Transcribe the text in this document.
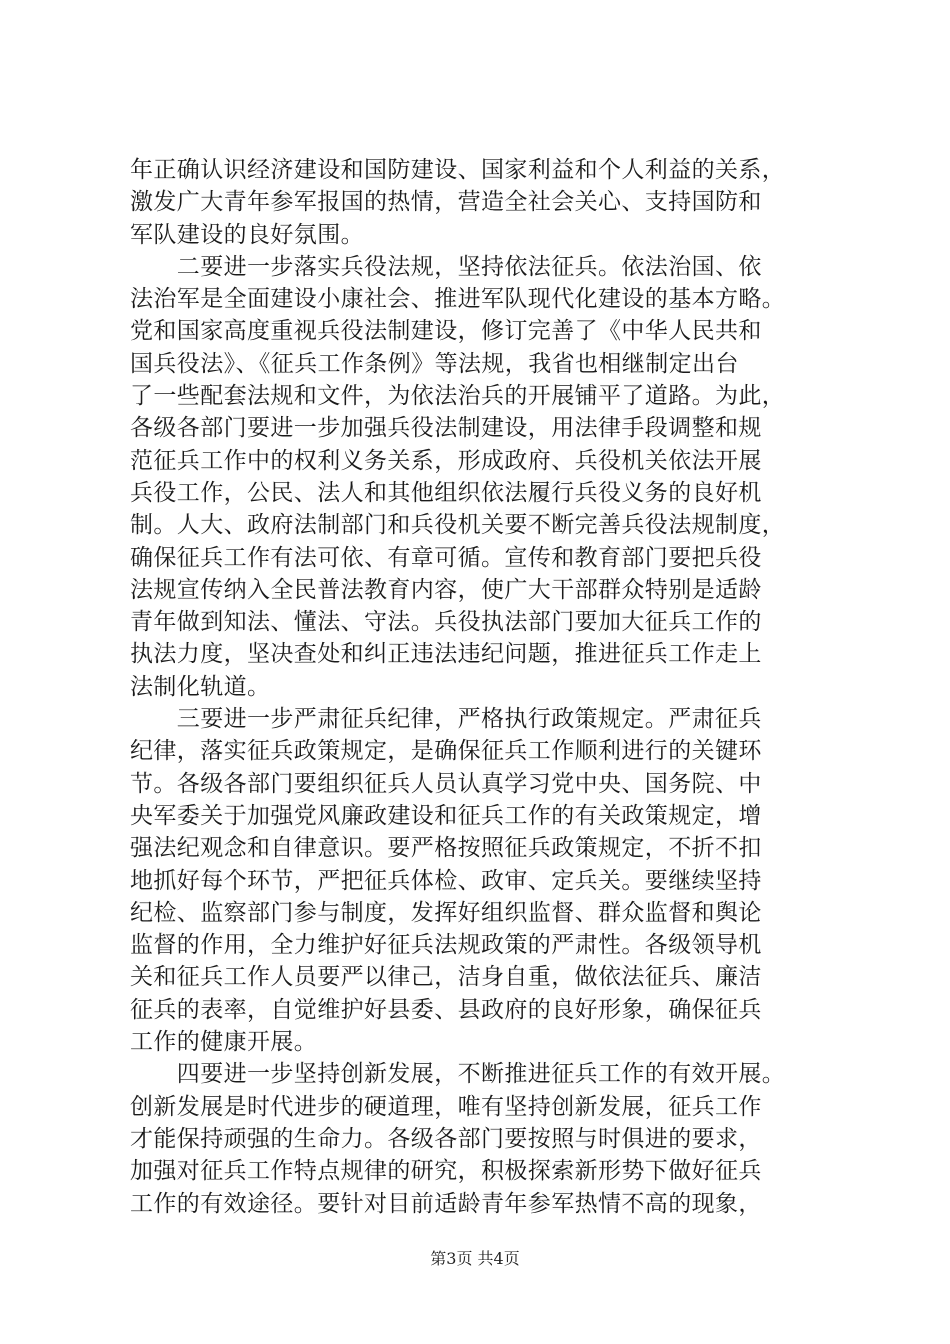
年正确认识经济建设和国防建设、国家利益和个人利益的关系，
激发广大青年参军报国的热情，营造全社会关心、支持国防和
军队建设的良好氛围。
　　二要进一步落实兵役法规，坚持依法征兵。依法治国、依
法治军是全面建设小康社会、推进军队现代化建设的基本方略。
党和国家高度重视兵役法制建设，修订完善了《中华人民共和
国兵役法》、《征兵工作条例》等法规，我省也相继制定出台
了一些配套法规和文件，为依法治兵的开展铺平了道路。为此，
各级各部门要进一步加强兵役法制建设，用法律手段调整和规
范征兵工作中的权利义务关系，形成政府、兵役机关依法开展
兵役工作，公民、法人和其他组织依法履行兵役义务的良好机
制。人大、政府法制部门和兵役机关要不断完善兵役法规制度，
确保征兵工作有法可依、有章可循。宣传和教育部门要把兵役
法规宣传纳入全民普法教育内容，使广大干部群众特别是适龄
青年做到知法、懂法、守法。兵役执法部门要加大征兵工作的
执法力度，坚决查处和纠正违法违纪问题，推进征兵工作走上
法制化轨道。
　　三要进一步严肃征兵纪律，严格执行政策规定。严肃征兵
纪律，落实征兵政策规定，是确保征兵工作顺利进行的关键环
节。各级各部门要组织征兵人员认真学习党中央、国务院、中
央军委关于加强党风廉政建设和征兵工作的有关政策规定，增
强法纪观念和自律意识。要严格按照征兵政策规定，不折不扣
地抓好每个环节，严把征兵体检、政审、定兵关。要继续坚持
纪检、监察部门参与制度，发挥好组织监督、群众监督和舆论
监督的作用，全力维护好征兵法规政策的严肃性。各级领导机
关和征兵工作人员要严以律己，洁身自重，做依法征兵、廉洁
征兵的表率，自觉维护好县委、县政府的良好形象，确保征兵
工作的健康开展。
　　四要进一步坚持创新发展，不断推进征兵工作的有效开展。
创新发展是时代进步的硬道理，唯有坚持创新发展，征兵工作
才能保持顽强的生命力。各级各部门要按照与时俱进的要求，
加强对征兵工作特点规律的研究，积极探索新形势下做好征兵
工作的有效途径。要针对目前适龄青年参军热情不高的现象，
第3页 共4页
